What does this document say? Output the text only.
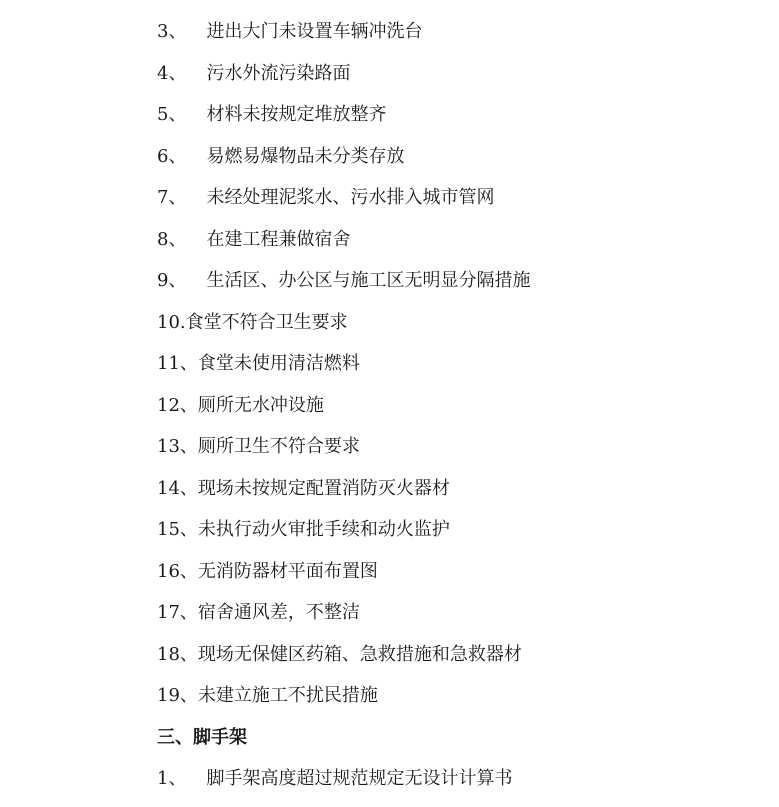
3、 进出大门未设置车辆冲洗台
4、 污水外流污染路面
5、 材料未按规定堆放整齐
6、 易燃易爆物品未分类存放
7、 未经处理泥浆水、污水排入城市管网
8、 在建工程兼做宿舍
9、 生活区、办公区与施工区无明显分隔措施
10.食堂不符合卫生要求
11、食堂未使用清洁燃料
12、厕所无水冲设施
13、厕所卫生不符合要求
14、现场未按规定配置消防灭火器材
15、未执行动火审批手续和动火监护
16、无消防器材平面布置图
17、宿舍通风差，不整洁
18、现场无保健区药箱、急救措施和急救器材
19、未建立施工不扰民措施
三、脚手架
1、 脚手架高度超过规范规定无设计计算书
